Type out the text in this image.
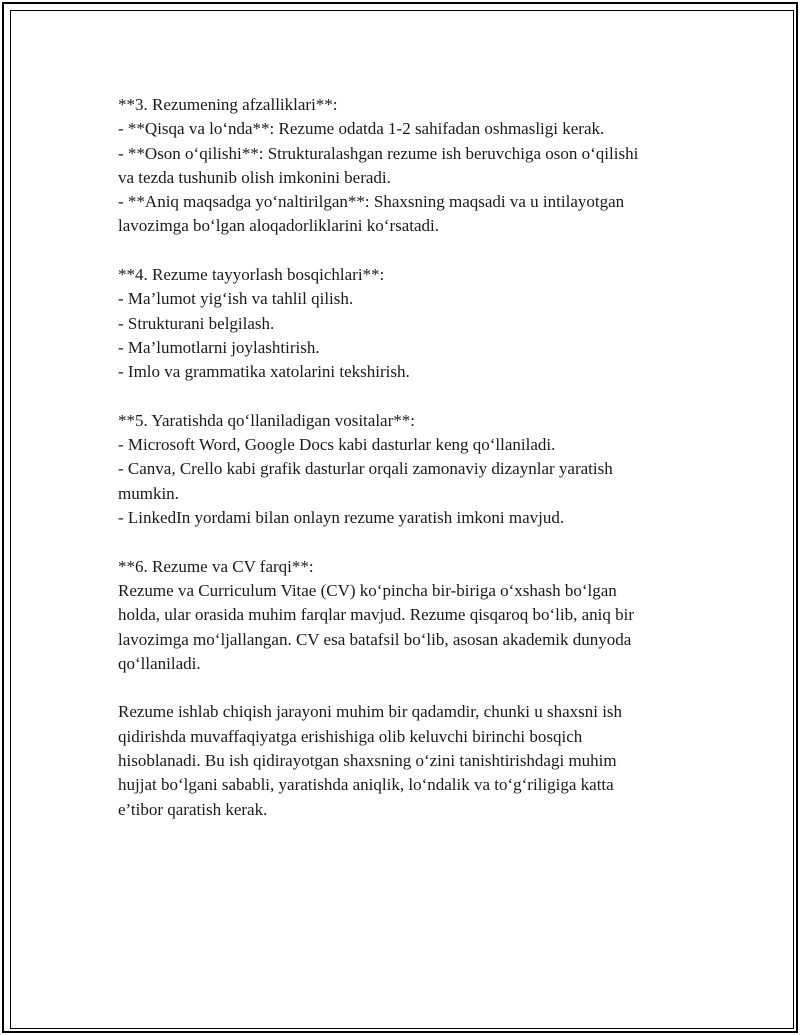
**3. Rezumening afzalliklari**:
- **Qisqa va lo‘nda**: Rezume odatda 1-2 sahifadan oshmasligi kerak.
- **Oson o‘qilishi**: Strukturalashgan rezume ish beruvchiga oson o‘qilishi
va tezda tushunib olish imkonini beradi.
- **Aniq maqsadga yo‘naltirilgan**: Shaxsning maqsadi va u intilayotgan
lavozimga bo‘lgan aloqadorliklarini ko‘rsatadi.
**4. Rezume tayyorlash bosqichlari**:
- Ma’lumot yig‘ish va tahlil qilish.
- Strukturani belgilash.
- Ma’lumotlarni joylashtirish.
- Imlo va grammatika xatolarini tekshirish.
**5. Yaratishda qo‘llaniladigan vositalar**:
- Microsoft Word, Google Docs kabi dasturlar keng qo‘llaniladi.
- Canva, Crello kabi grafik dasturlar orqali zamonaviy dizaynlar yaratish
mumkin.
- LinkedIn yordami bilan onlayn rezume yaratish imkoni mavjud.
**6. Rezume va CV farqi**:
Rezume va Curriculum Vitae (CV) ko‘pincha bir-biriga o‘xshash bo‘lgan
holda, ular orasida muhim farqlar mavjud. Rezume qisqaroq bo‘lib, aniq bir
lavozimga mo‘ljallangan. CV esa batafsil bo‘lib, asosan akademik dunyoda
qo‘llaniladi.
Rezume ishlab chiqish jarayoni muhim bir qadamdir, chunki u shaxsni ish
qidirishda muvaffaqiyatga erishishiga olib keluvchi birinchi bosqich
hisoblanadi. Bu ish qidirayotgan shaxsning o‘zini tanishtirishdagi muhim
hujjat bo‘lgani sababli, yaratishda aniqlik, lo‘ndalik va to‘g‘riligiga katta
e’tibor qaratish kerak.
